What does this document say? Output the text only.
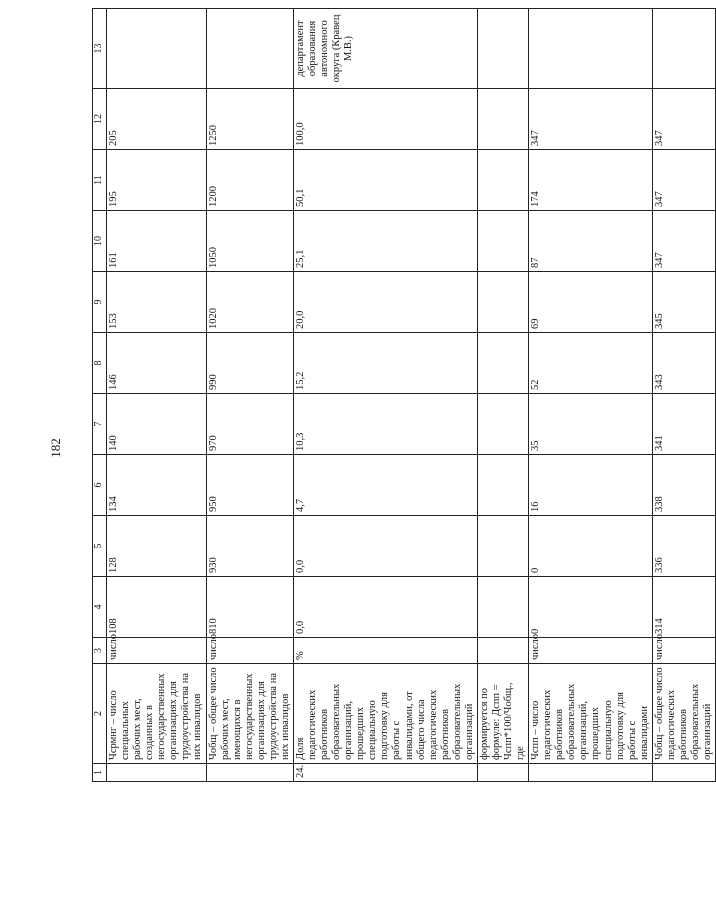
182
1	2	3	4	5	6	7	8	9	10	11	12	13
	Чсрмнг – число специальных рабочих мест, созданных в негосударственных организациях для трудоустройства на них инвалидов	число	108	128	134	140	146	153	161	195	205	
	Чобщ – общее число рабочих мест, имеющихся в негосударственных организациях для трудоустройства на них инвалидов	число	810	930	950	970	990	1020	1050	1200	1250	
24.	Доля педагогических работников образовательных организаций, прошедших специальную подготовку для работы с инвалидами, от общего числа педагогических работников образовательных организаций	%	0,0	0,0	4,7	10,3	15,2	20,0	25,1	50,1	100,0	департамент образования автономного округа (Кравец М.В.)
	формируется по формуле: Дспп = Чспп*100/Чобщ., где											
	Чспп – число педагогических работников образовательных организаций, прошедших специальную подготовку для работы с инвалидами	число	0	0	16	35	52	69	87	174	347	
	Чобщ – общее число педагогических работников образовательных организаций	число	314	336	338	341	343	345	347	347	347	
